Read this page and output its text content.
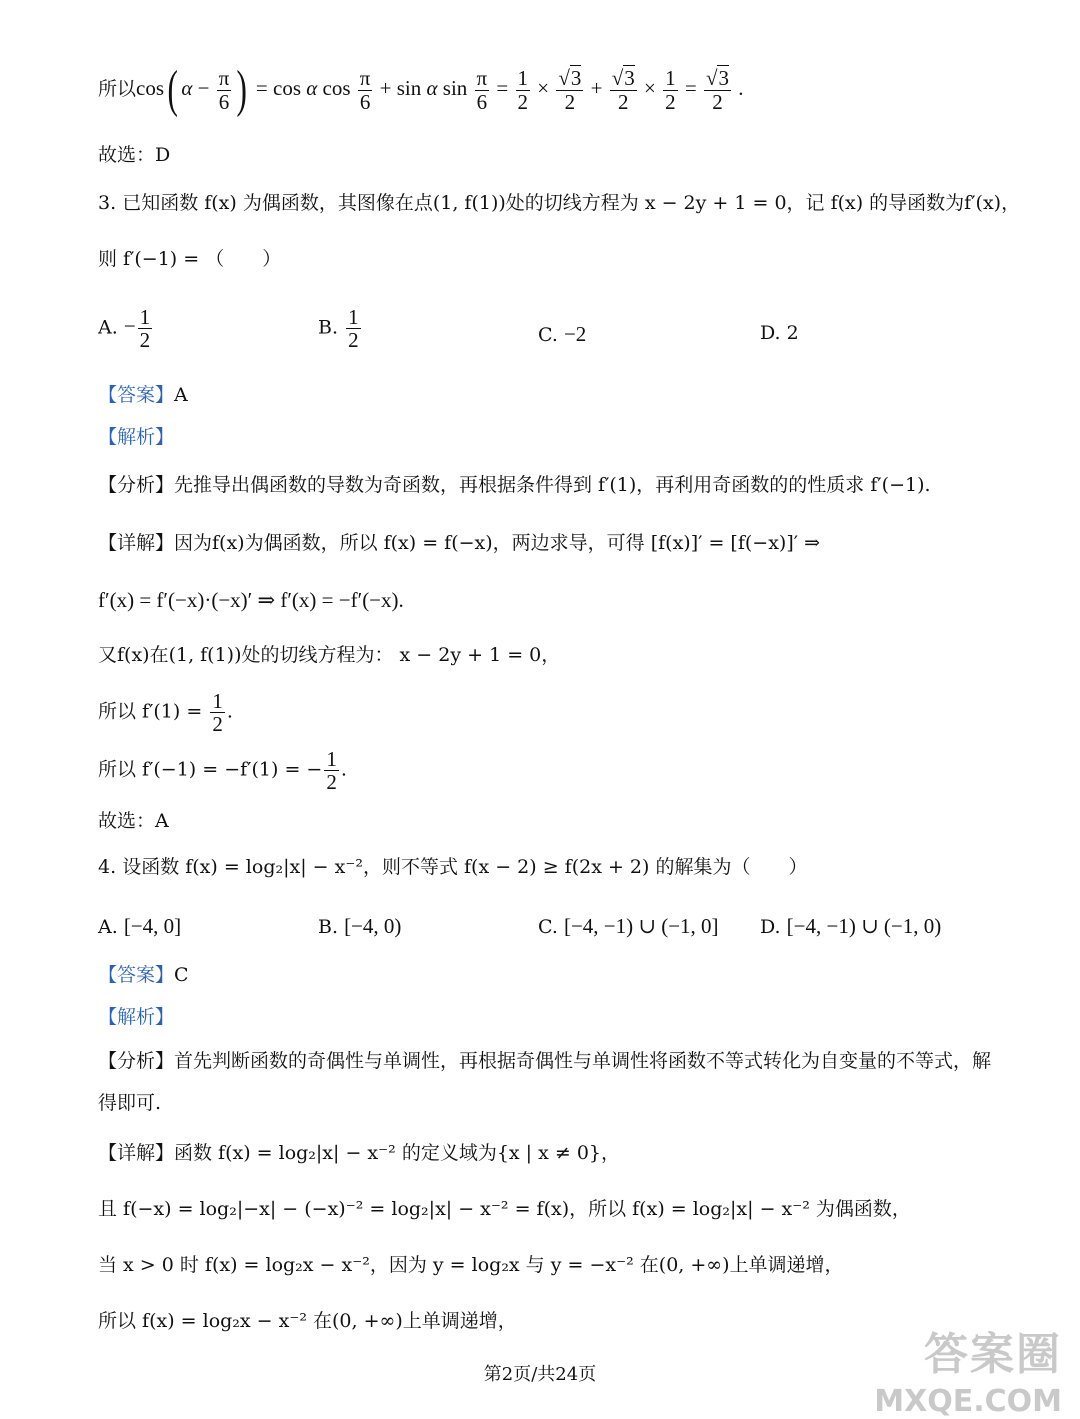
所以cos( $\alpha - \frac{\pi}{6}$ ) = cos α $\cos \frac{\pi}{6} + \sin \alpha$ $\sin \frac{\pi}{6} = \frac{1}{2} \times \frac{√3}{2} + \frac{√3}{2} \times \frac{1}{2} = \frac{√3}{2}$ .
故选：D
3. 已知函数 f(x) 为偶函数，其图像在点(1, f(1))处的切线方程为 x − 2y + 1 = 0，记 f(x) 的导函数为f′(x)，
则 f′(−1) = （　　）
A. − $\frac{1}{2}$	B. $\frac{1}{2}$	C. −2	D. 2
【答案】A
【解析】
【分析】先推导出偶函数的导数为奇函数，再根据条件得到 f′(1)，再利用奇函数的的性质求 f′(−1).
【详解】因为f(x)为偶函数，所以 f(x) = f(−x)，两边求导，可得 [f(x)]′ = [f(−x)]′ ⇒
f′(x) = f′(−x)·(−x)′ ⇒ f′(x) = −f′(−x).
又f(x)在(1, f(1))处的切线方程为： x − 2y + 1 = 0，
所以 $f'(1) = \frac{1}{2}$ .
所以 f′(−1) = −f′(1) = − $\frac{1}{2}$ .
故选：A
4. 设函数 f(x) = log₂|x| − x⁻²，则不等式 f(x − 2) ≥ f(2x + 2) 的解集为（　　）
A. [−4, 0]	B. [−4, 0)	C. [−4, −1) ∪ (−1, 0] D. [−4, −1) ∪ (−1, 0)
【答案】C
【解析】
【分析】首先判断函数的奇偶性与单调性，再根据奇偶性与单调性将函数不等式转化为自变量的不等式，解
得即可.
【详解】函数 f(x) = log₂|x| − x⁻² 的定义域为{x | x ≠ 0}，
且 f(−x) = log₂|−x| − (−x)⁻² = log₂|x| − x⁻² = f(x)，所以 f(x) = log₂|x| − x⁻² 为偶函数，
当 x > 0 时 f(x) = log₂x − x⁻²，因为 y = log₂x 与 y = −x⁻² 在(0, +∞)上单调递增，
所以 f(x) = log₂x − x⁻² 在(0, +∞)上单调递增，
第2页/共24页	答案圈
MXQE.COM
